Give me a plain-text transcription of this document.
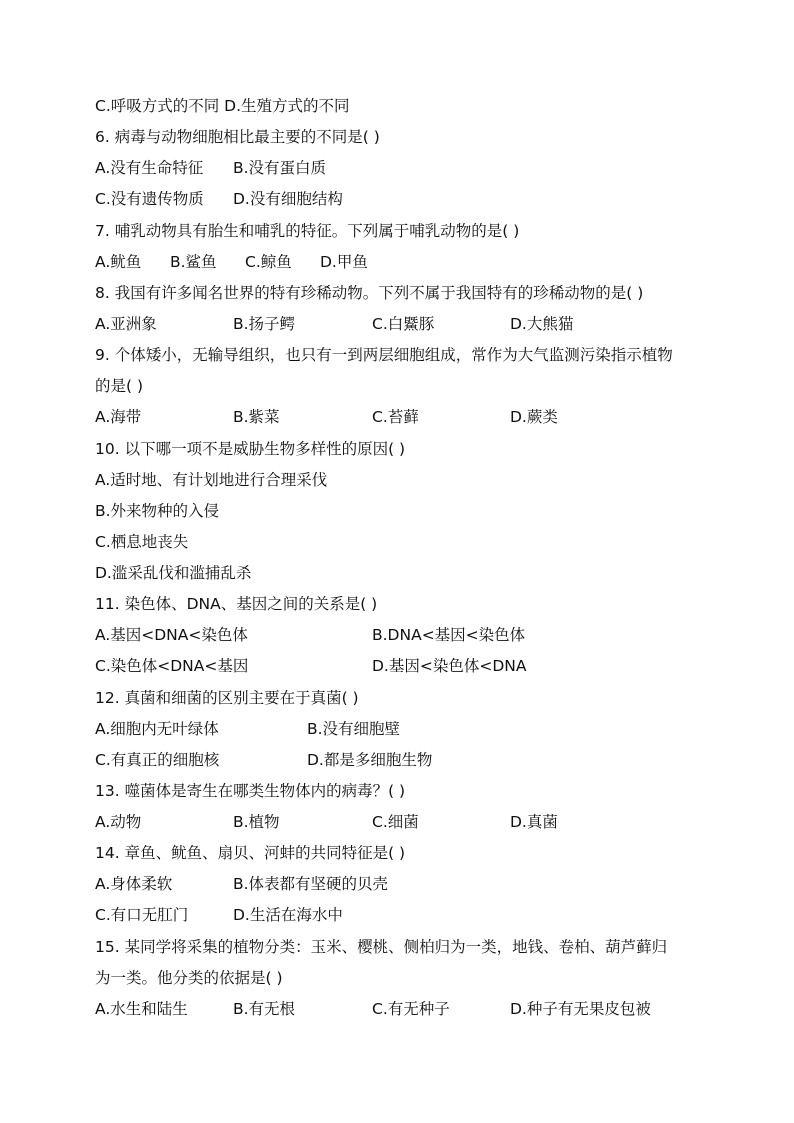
C.呼吸方式的不同 D.生殖方式的不同
6. 病毒与动物细胞相比最主要的不同是( )
A.没有生命特征 B.没有蛋白质
C.没有遗传物质 D.没有细胞结构
7. 哺乳动物具有胎生和哺乳的特征。下列属于哺乳动物的是( )
A.鱿鱼 B.鲨鱼 C.鲸鱼 D.甲鱼
8. 我国有许多闻名世界的特有珍稀动物。下列不属于我国特有的珍稀动物的是( )
A.亚洲象	B.扬子鳄	C.白鱀豚	D.大熊猫
9. 个体矮小，无输导组织，也只有一到两层细胞组成，常作为大气监测污染指示植物
的是( )
A.海带	B.紫菜	C.苔藓	D.蕨类
10. 以下哪一项不是威胁生物多样性的原因( )
A.适时地、有计划地进行合理采伐
B.外来物种的入侵
C.栖息地丧失
D.滥采乱伐和滥捕乱杀
11. 染色体、DNA、基因之间的关系是( )
A.基因<DNA<染色体	B.DNA<基因<染色体
C.染色体<DNA<基因	D.基因<染色体<DNA
12. 真菌和细菌的区别主要在于真菌( )
A.细胞内无叶绿体	B.没有细胞壁
C.有真正的细胞核	D.都是多细胞生物
13. 噬菌体是寄生在哪类生物体内的病毒？( )
A.动物	B.植物	C.细菌	D.真菌
14. 章鱼、鱿鱼、扇贝、河蚌的共同特征是( )
A.身体柔软	B.体表都有坚硬的贝壳
C.有口无肛门	D.生活在海水中
15. 某同学将采集的植物分类：玉米、樱桃、侧柏归为一类，地钱、卷柏、葫芦藓归
为一类。他分类的依据是( )
A.水生和陆生	B.有无根	C.有无种子	D.种子有无果皮包被
